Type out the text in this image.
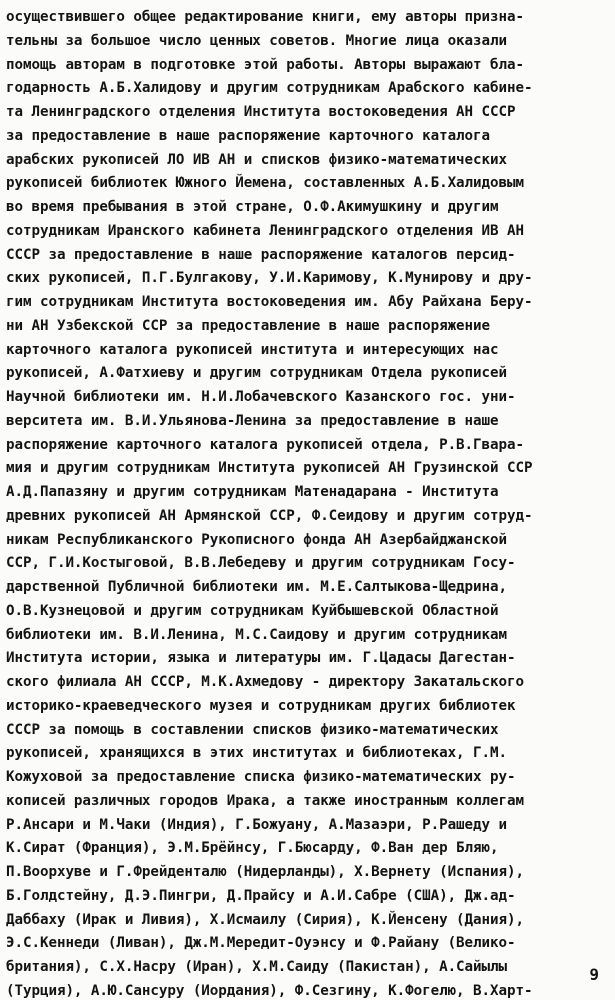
осуществившего общее редактирование книги, ему авторы призна-
тельны за большое число ценных советов. Многие лица оказали
помощь авторам в подготовке этой работы. Авторы выражают бла-
годарность А.Б.Халидову и другим сотрудникам Арабского кабине-
та Ленинградского отделения Института востоковедения АН СССР
за предоставление в наше распоряжение карточного каталога
арабских рукописей ЛО ИВ АН и списков физико-математических
рукописей библиотек Южного Йемена, составленных А.Б.Халидовым
во время пребывания в этой стране, О.Ф.Акимушкину и другим
сотрудникам Иранского кабинета Ленинградского отделения ИВ АН
СССР за предоставление в наше распоряжение каталогов персид-
ских рукописей, П.Г.Булгакову, У.И.Каримову, К.Мунирову и дру-
гим сотрудникам Института востоковедения им. Абу Райхана Беру-
ни АН Узбекской ССР за предоставление в наше распоряжение
карточного каталога рукописей института и интересующих нас
рукописей, А.Фатхиеву и другим сотрудникам Отдела рукописей
Научной библиотеки им. Н.И.Лобачевского Казанского гос. уни-
верситета им. В.И.Ульянова-Ленина за предоставление в наше
распоряжение карточного каталога рукописей отдела, Р.В.Гвара-
мия и другим сотрудникам Института рукописей АН Грузинской ССР
А.Д.Папазяну и другим сотрудникам Матенадарана - Института
древних рукописей АН Армянской ССР, Ф.Сеидову и другим сотруд-
никам Республиканского Рукописного фонда АН Азербайджанской
ССР, Г.И.Костыговой, В.В.Лебедеву и другим сотрудникам Госу-
дарственной Публичной библиотеки им. М.Е.Салтыкова-Щедрина,
О.В.Кузнецовой и другим сотрудникам Куйбышевской Областной
библиотеки им. В.И.Ленина, М.С.Саидову и другим сотрудникам
Института истории, языка и литературы им. Г.Цадасы Дагестан-
ского филиала АН СССР, М.К.Ахмедову - директору Закатальского
историко-краеведческого музея и сотрудникам других библиотек
СССР за помощь в составлении списков физико-математических
рукописей, хранящихся в этих институтах и библиотеках, Г.М.
Кожуховой за предоставление списка физико-математических ру-
кописей различных городов Ирака, а также иностранным коллегам
Р.Ансари и М.Чаки (Индия), Г.Божуану, А.Мазаэри, Р.Рашеду и
К.Сират (Франция), Э.М.Брёйнсу, Г.Бюсарду, Ф.Ван дер Бляю,
П.Воорхуве и Г.Фрейденталю (Нидерланды), Х.Вернету (Испания),
Б.Голдстейну, Д.Э.Пингри, Д.Прайсу и А.И.Сабре (США), Дж.ад-
Даббаху (Ирак и Ливия), Х.Исмаилу (Сирия), К.Йенсену (Дания),
Э.С.Кеннеди (Ливан), Дж.М.Мередит-Оуэнсу и Ф.Райану (Велико-
британия), С.Х.Насру (Иран), Х.М.Саиду (Пакистан), А.Сайылы
(Турция), А.Ю.Сансуру (Иордания), Ф.Сезгину, К.Фогелю, В.Харт-
9
